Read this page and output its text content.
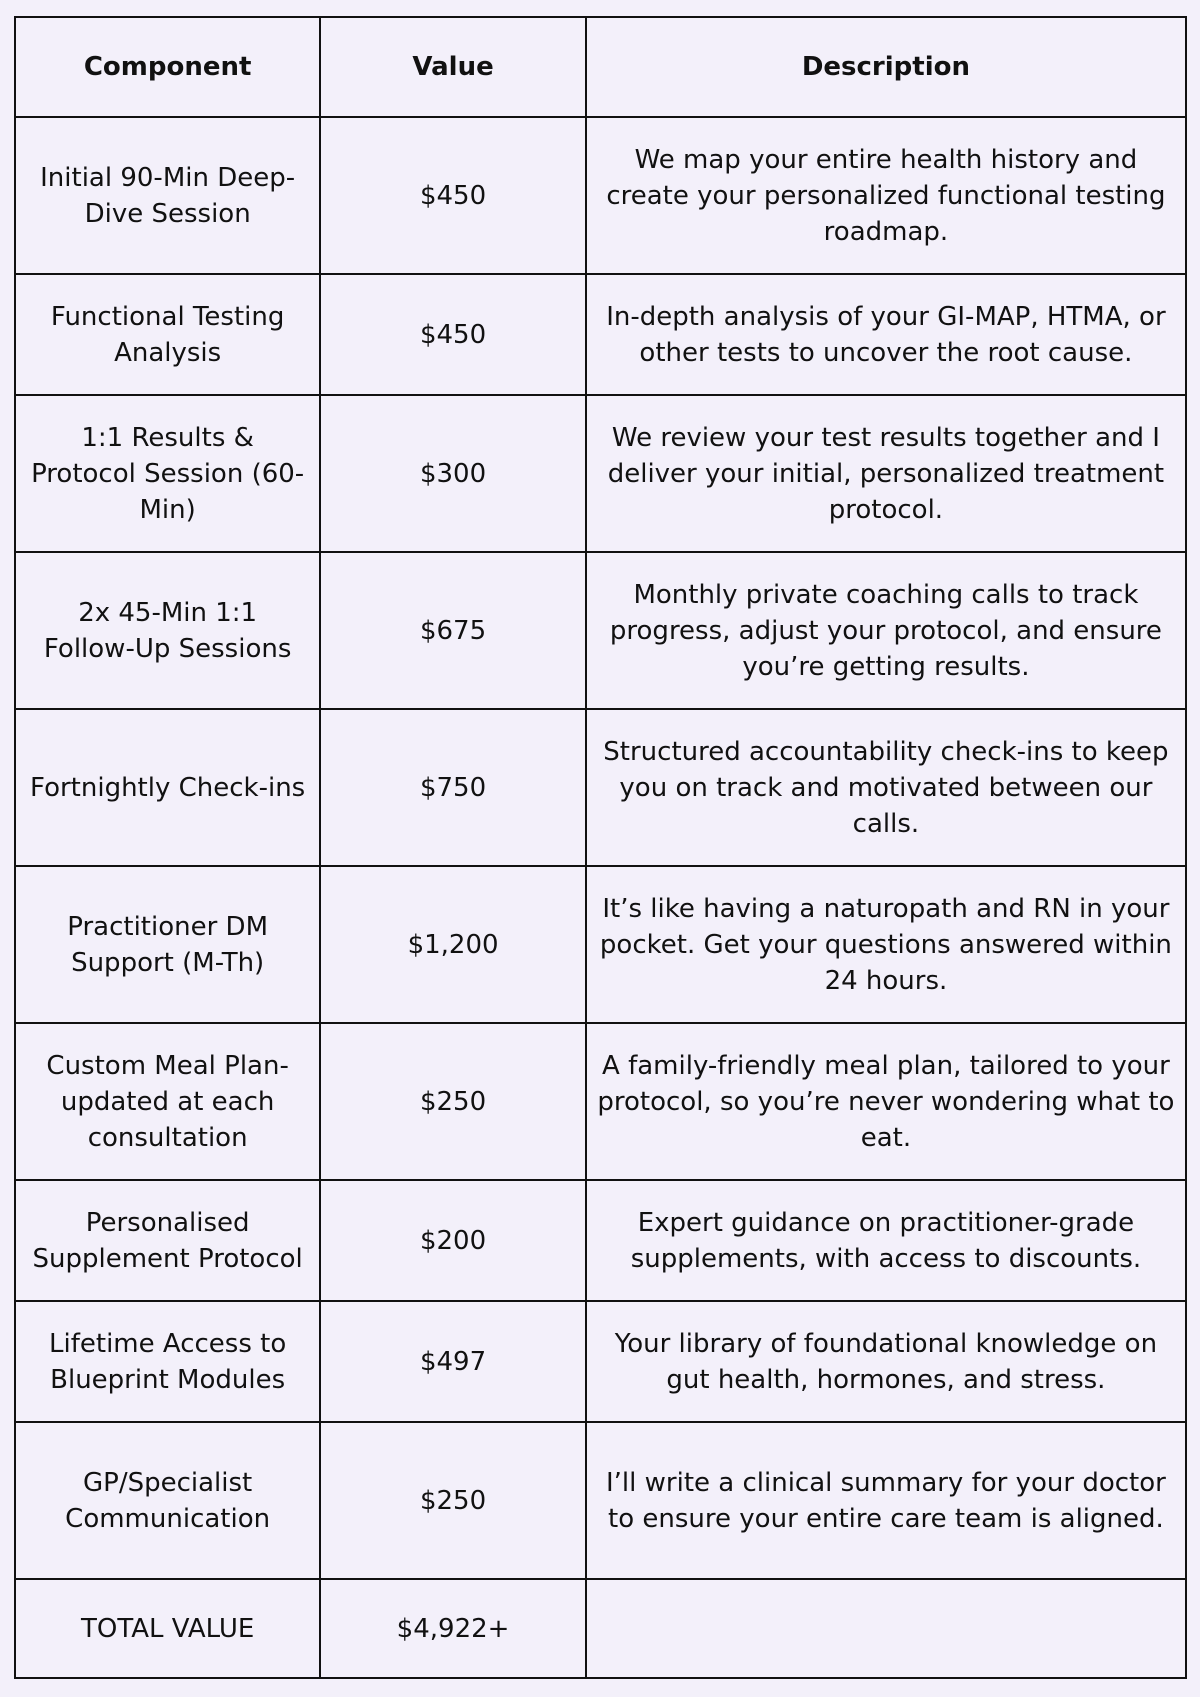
Component	Value	Description
Initial 90-Min Deep-Dive Session	$450	We map your entire health history and create your personalized functional testing roadmap.
Functional Testing Analysis	$450	In-depth analysis of your GI-MAP, HTMA, or other tests to uncover the root cause.
1:1 Results & Protocol Session (60-Min)	$300	We review your test results together and I deliver your initial, personalized treatment protocol.
2x 45-Min 1:1 Follow-Up Sessions	$675	Monthly private coaching calls to track progress, adjust your protocol, and ensure you’re getting results.
Fortnightly Check-ins	$750	Structured accountability check-ins to keep you on track and motivated between our calls.
Practitioner DM Support (M-Th)	$1,200	It’s like having a naturopath and RN in your pocket. Get your questions answered within 24 hours.
Custom Meal Plan- updated at each consultation	$250	A family-friendly meal plan, tailored to your protocol, so you’re never wondering what to eat.
Personalised Supplement Protocol	$200	Expert guidance on practitioner-grade supplements, with access to discounts.
Lifetime Access to Blueprint Modules	$497	Your library of foundational knowledge on gut health, hormones, and stress.
GP/Specialist Communication	$250	I’ll write a clinical summary for your doctor to ensure your entire care team is aligned.
TOTAL VALUE	$4,922+	
